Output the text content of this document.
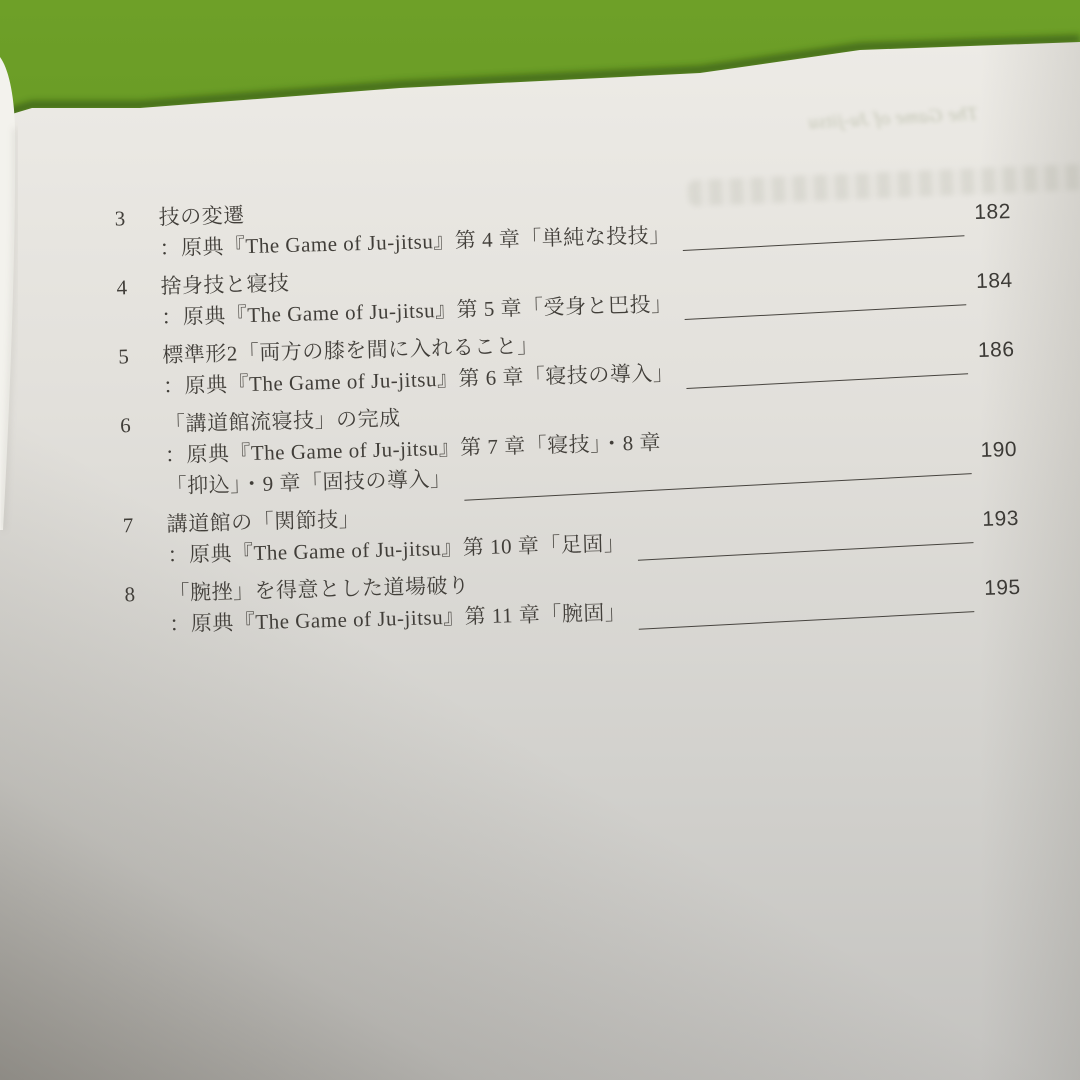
The Game of Ju-jitsu
3	技の変遷
：原典『The Game of Ju-jitsu』第 4 章「単純な投技」
182
4	捨身技と寝技
：原典『The Game of Ju-jitsu』第 5 章「受身と巴投」
184
5	標準形2「両方の膝を間に入れること」
：原典『The Game of Ju-jitsu』第 6 章「寝技の導入」
186
6	「講道館流寝技」の完成
：原典『The Game of Ju-jitsu』第 7 章「寝技」・8 章
「抑込」・9 章「固技の導入」
190
7	講道館の「関節技」
：原典『The Game of Ju-jitsu』第 10 章「足固」
193
8	「腕挫」を得意とした道場破り
：原典『The Game of Ju-jitsu』第 11 章「腕固」
195
